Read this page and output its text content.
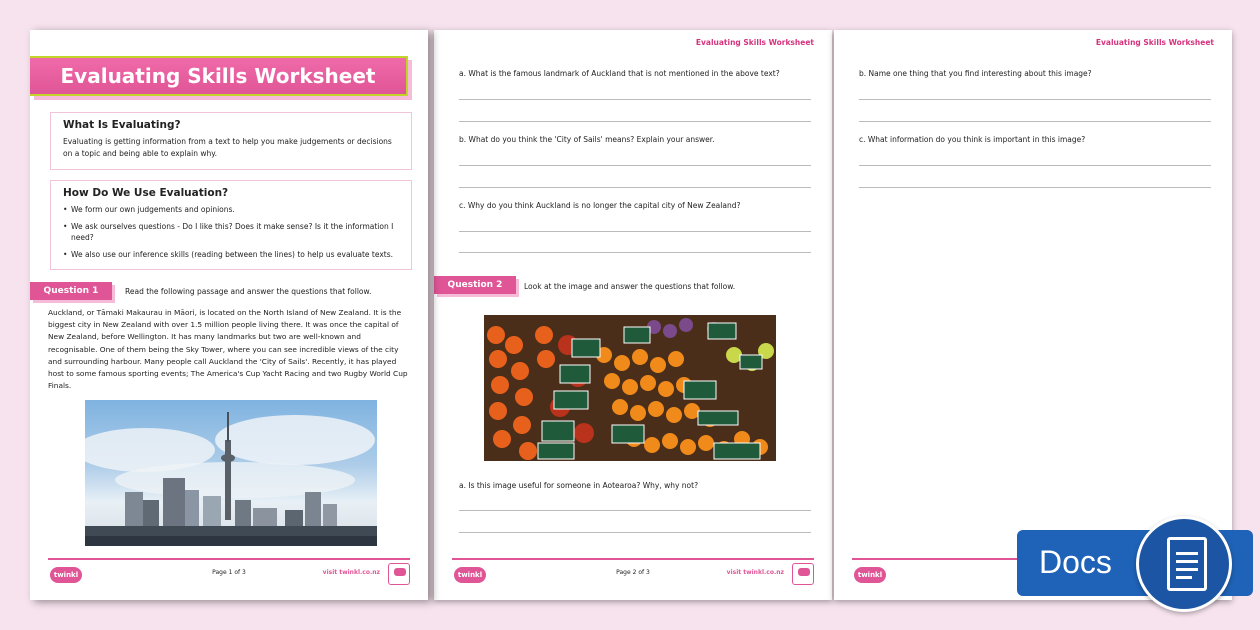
Evaluating Skills Worksheet
What Is Evaluating?

Evaluating is getting information from a text to help you make judgements or decisions on a topic and being able to explain why.

How Do We Use Evaluation?
• We form our own judgements and opinions.
• We ask ourselves questions - Do I like this? Does it make sense? Is it the information I need?
• We also use our inference skills (reading between the lines) to help us evaluate texts.
Question 1	Read the following passage and answer the questions that follow.
Auckland, or Tāmaki Makaurau in Māori, is located on the North Island of New Zealand. It is the biggest city in New Zealand with over 1.5 million people living there. It was once the capital of New Zealand, before Wellington. It has many landmarks but two are well-known and recognisable. One of them being the Sky Tower, where you can see incredible views of the city and surrounding harbour. Many people call Auckland the 'City of Sails'. Recently, it has played host to some famous sporting events; The America's Cup Yacht Racing and two Rugby World Cup Finals.
twinkl	Page 1 of 3	visit twinkl.co.nz
Evaluating Skills Worksheet
a. What is the famous landmark of Auckland that is not mentioned in the above text?
b. What do you think the 'City of Sails' means? Explain your answer.
c. Why do you think Auckland is no longer the capital city of New Zealand?
Question 2	Look at the image and answer the questions that follow.
a. Is this image useful for someone in Aotearoa? Why, why not?
twinkl	Page 2 of 3	visit twinkl.co.nz
Evaluating Skills Worksheet
b. Name one thing that you find interesting about this image?
c. What information do you think is important in this image?
twinkl	Docs
